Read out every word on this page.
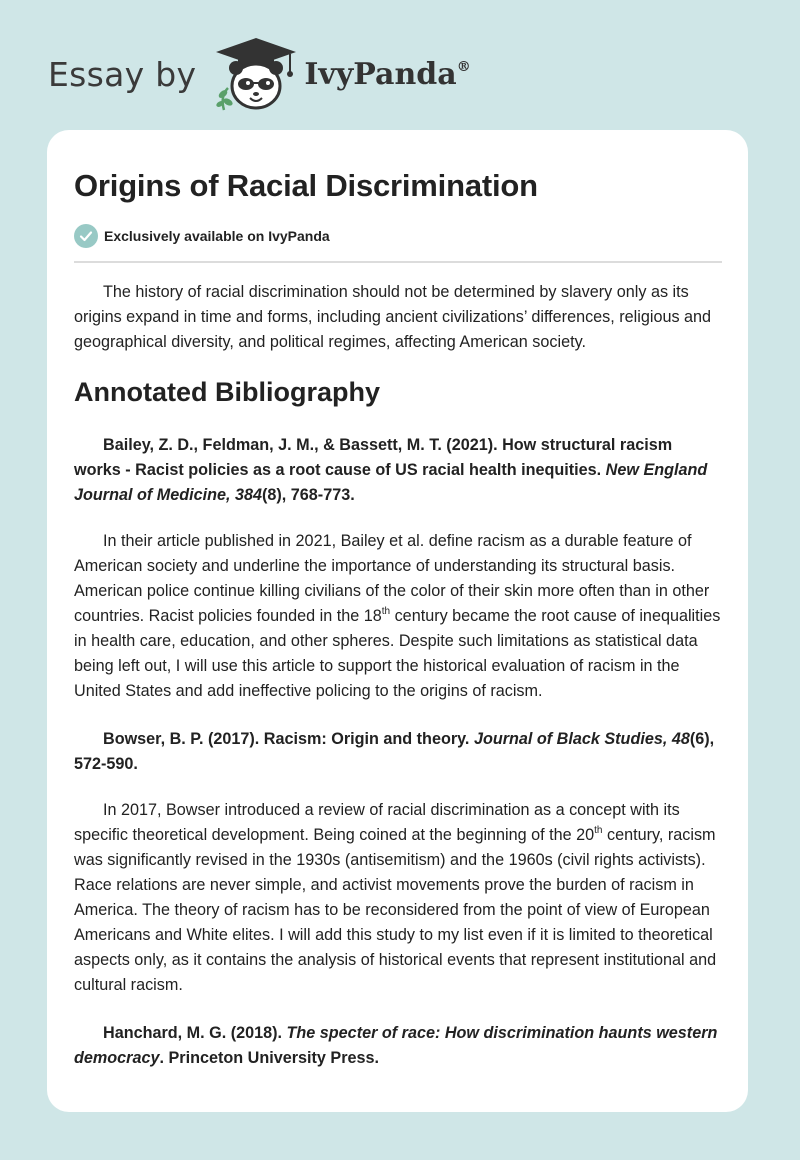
Essay by	IvyPanda®
Origins of Racial Discrimination
Exclusively available on IvyPanda

The history of racial discrimination should not be determined by slavery only as its origins expand in time and forms, including ancient civilizations’ differences, religious and geographical diversity, and political regimes, affecting American society.

Annotated Bibliography

Bailey, Z. D., Feldman, J. M., & Bassett, M. T. (2021). How structural racism works - Racist policies as a root cause of US racial health inequities. New England Journal of Medicine, 384(8), 768-773.

In their article published in 2021, Bailey et al. define racism as a durable feature of American society and underline the importance of understanding its structural basis. American police continue killing civilians of the color of their skin more often than in other countries. Racist policies founded in the 18th century became the root cause of inequalities in health care, education, and other spheres. Despite such limitations as statistical data being left out, I will use this article to support the historical evaluation of racism in the United States and add ineffective policing to the origins of racism.

Bowser, B. P. (2017). Racism: Origin and theory. Journal of Black Studies, 48(6), 572-590.

In 2017, Bowser introduced a review of racial discrimination as a concept with its specific theoretical development. Being coined at the beginning of the 20th century, racism was significantly revised in the 1930s (antisemitism) and the 1960s (civil rights activists). Race relations are never simple, and activist movements prove the burden of racism in America. The theory of racism has to be reconsidered from the point of view of European Americans and White elites. I will add this study to my list even if it is limited to theoretical aspects only, as it contains the analysis of historical events that represent institutional and cultural racism.

Hanchard, M. G. (2018). The specter of race: How discrimination haunts western democracy. Princeton University Press.
